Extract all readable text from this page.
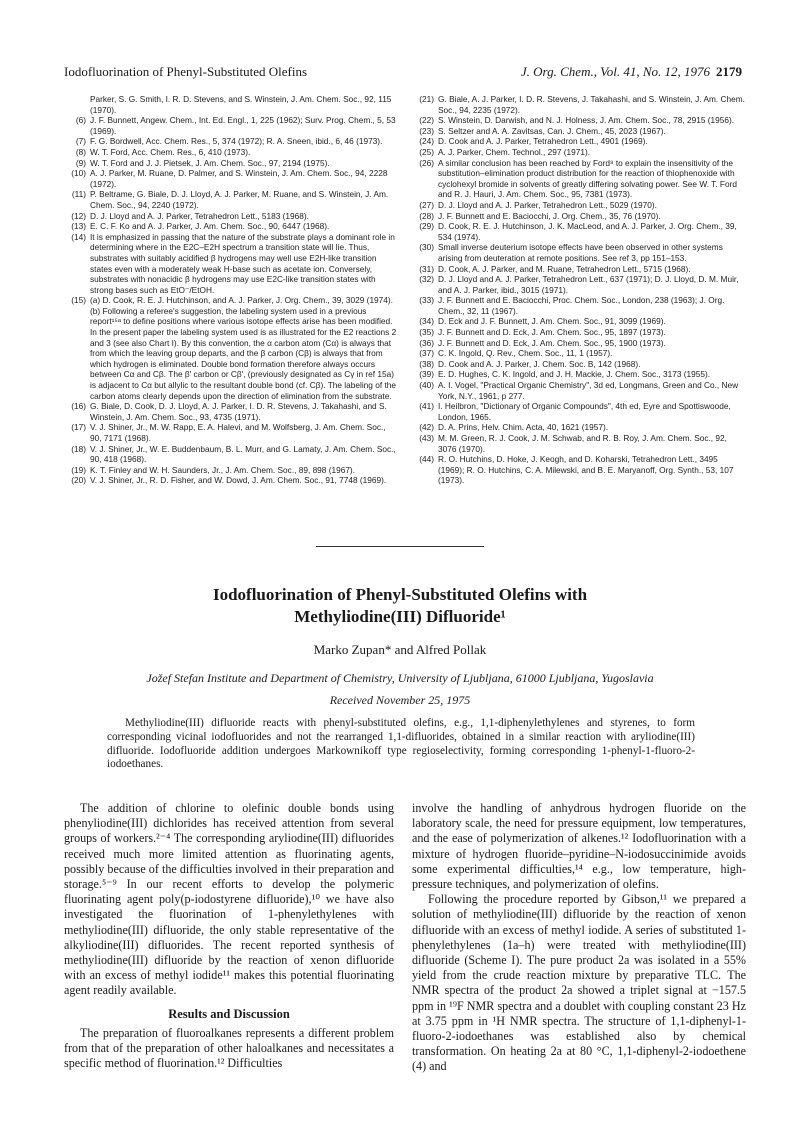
Iodofluorination of Phenyl-Substituted Olefins	J. Org. Chem., Vol. 41, No. 12, 1976 2179
Parker, S. G. Smith, I. R. D. Stevens, and S. Winstein, J. Am. Chem. Soc., 92, 115 (1970).
(6) J. F. Bunnett, Angew. Chem., Int. Ed. Engl., 1, 225 (1962); Surv. Prog. Chem., 5, 53 (1969).
(7) F. G. Bordwell, Acc. Chem. Res., 5, 374 (1972); R. A. Sneen, ibid., 6, 46 (1973).
(8) W. T. Ford, Acc. Chem. Res., 6, 410 (1973).
(9) W. T. Ford and J. J. Pietsek, J. Am. Chem. Soc., 97, 2194 (1975).
(10) A. J. Parker, M. Ruane, D. Palmer, and S. Winstein, J. Am. Chem. Soc., 94, 2228 (1972).
(11) P. Beltrame, G. Biale, D. J. Lloyd, A. J. Parker, M. Ruane, and S. Winstein, J. Am. Chem. Soc., 94, 2240 (1972).
(12) D. J. Lloyd and A. J. Parker, Tetrahedron Lett., 5183 (1968).
(13) E. C. F. Ko and A. J. Parker, J. Am. Chem. Soc., 90, 6447 (1968).
(14) It is emphasized in passing that the nature of the substrate plays a dominant role in determining where in the E2C–E2H spectrum a transition state will lie. Thus, substrates with suitably acidified β hydrogens may well use E2H-like transition states even with a moderately weak H-base such as acetate ion. Conversely, substrates with nonacidic β hydrogens may use E2C-like transition states with strong bases such as EtO⁻/EtOH.
(15) (a) D. Cook, R. E. J. Hutchinson, and A. J. Parker, J. Org. Chem., 39, 3029 (1974). (b) Following a referee's suggestion, the labeling system used in a previous report¹⁵ᵃ to define positions where various isotope effects arise has been modified. In the present paper the labeling system used is as illustrated for the E2 reactions 2 and 3 (see also Chart I). By this convention, the α carbon atom (Cα) is always that from which the leaving group departs, and the β carbon (Cβ) is always that from which hydrogen is eliminated. Double bond formation therefore always occurs between Cα and Cβ. The β′ carbon or Cβ′, (previously designated as Cγ in ref 15a) is adjacent to Cα but allylic to the resultant double bond (cf. Cβ). The labeling of the carbon atoms clearly depends upon the direction of elimination from the substrate.
(16) G. Biale, D. Cook, D. J. Lloyd, A. J. Parker, I. D. R. Stevens, J. Takahashi, and S. Winstein, J. Am. Chem. Soc., 93, 4735 (1971).
(17) V. J. Shiner, Jr., M. W. Rapp, E. A. Halevi, and M. Wolfsberg, J. Am. Chem. Soc., 90, 7171 (1968).
(18) V. J. Shiner, Jr., W. E. Buddenbaum, B. L. Murr, and G. Lamaty, J. Am. Chem. Soc., 90, 418 (1968).
(19) K. T. Finley and W. H. Saunders, Jr., J. Am. Chem. Soc., 89, 898 (1967).
(20) V. J. Shiner, Jr., R. D. Fisher, and W. Dowd, J. Am. Chem. Soc., 91, 7748 (1969).
(21) G. Biale, A. J. Parker, I. D. R. Stevens, J. Takahashi, and S. Winstein, J. Am. Chem. Soc., 94, 2235 (1972).
(22) S. Winstein, D. Darwish, and N. J. Holness, J. Am. Chem. Soc., 78, 2915 (1956).
(23) S. Seltzer and A. A. Zavitsas, Can. J. Chem., 45, 2023 (1967).
(24) D. Cook and A. J. Parker, Tetrahedron Lett., 4901 (1969).
(25) A. J. Parker, Chem. Technol., 297 (1971).
(26) A similar conclusion has been reached by Ford⁸ to explain the insensitivity of the substitution–elimination product distribution for the reaction of thiophenoxide with cyclohexyl bromide in solvents of greatly differing solvating power. See W. T. Ford and R. J. Hauri, J. Am. Chem. Soc., 95, 7381 (1973).
(27) D. J. Lloyd and A. J. Parker, Tetrahedron Lett., 5029 (1970).
(28) J. F. Bunnett and E. Baciocchi, J. Org. Chem., 35, 76 (1970).
(29) D. Cook, R. E. J. Hutchinson, J. K. MacLeod, and A. J. Parker, J. Org. Chem., 39, 534 (1974).
(30) Small inverse deuterium isotope effects have been observed in other systems arising from deuteration at remote positions. See ref 3, pp 151–153.
(31) D. Cook, A. J. Parker, and M. Ruane, Tetrahedron Lett., 5715 (1968).
(32) D. J. Lloyd and A. J. Parker, Tetrahedron Lett., 637 (1971); D. J. Lloyd, D. M. Muir, and A. J. Parker, ibid., 3015 (1971).
(33) J. F. Bunnett and E. Baciocchi, Proc. Chem. Soc., London, 238 (1963); J. Org. Chem., 32, 11 (1967).
(34) D. Eck and J. F. Bunnett, J. Am. Chem. Soc., 91, 3099 (1969).
(35) J. F. Bunnett and D. Eck, J. Am. Chem. Soc., 95, 1897 (1973).
(36) J. F. Bunnett and D. Eck, J. Am. Chem. Soc., 95, 1900 (1973).
(37) C. K. Ingold, Q. Rev., Chem. Soc., 11, 1 (1957).
(38) D. Cook and A. J. Parker, J. Chem. Soc. B, 142 (1968).
(39) E. D. Hughes, C. K. Ingold, and J. H. Mackie, J. Chem. Soc., 3173 (1955).
(40) A. I. Vogel, "Practical Organic Chemistry", 3d ed, Longmans, Green and Co., New York, N.Y., 1961, p 277.
(41) I. Heilbron, "Dictionary of Organic Compounds", 4th ed, Eyre and Spottiswoode, London, 1965.
(42) D. A. Prins, Helv. Chim. Acta, 40, 1621 (1957).
(43) M. M. Green, R. J. Cook, J. M. Schwab, and R. B. Roy, J. Am. Chem. Soc., 92, 3076 (1970).
(44) R. O. Hutchins, D. Hoke, J. Keogh, and D. Koharski, Tetrahedron Lett., 3495 (1969); R. O. Hutchins, C. A. Milewski, and B. E. Maryanoff, Org. Synth., 53, 107 (1973).
Iodofluorination of Phenyl-Substituted Olefins with
Methyliodine(III) Difluoride¹
Marko Zupan* and Alfred Pollak
Jožef Stefan Institute and Department of Chemistry, University of Ljubljana, 61000 Ljubljana, Yugoslavia
Received November 25, 1975
Methyliodine(III) difluoride reacts with phenyl-substituted olefins, e.g., 1,1-diphenylethylenes and styrenes, to form corresponding vicinal iodofluorides and not the rearranged 1,1-difluorides, obtained in a similar reaction with aryliodine(III) difluoride. Iodofluoride addition undergoes Markownikoff type regioselectivity, forming corresponding 1-phenyl-1-fluoro-2-iodoethanes.

The addition of chlorine to olefinic double bonds using phenyliodine(III) dichlorides has received attention from several groups of workers.²⁻⁴ The corresponding aryliodine(III) difluorides received much more limited attention as fluorinating agents, possibly because of the difficulties involved in their preparation and storage.⁵⁻⁹ In our recent efforts to develop the polymeric fluorinating agent poly(p-iodostyrene difluoride),¹⁰ we have also investigated the fluorination of 1-phenylethylenes with methyliodine(III) difluoride, the only stable representative of the alkyliodine(III) difluorides. The recent reported synthesis of methyliodine(III) difluoride by the reaction of xenon difluoride with an excess of methyl iodide¹¹ makes this potential fluorinating agent readily available.

Results and Discussion

The preparation of fluoroalkanes represents a different problem from that of the preparation of other haloalkanes and necessitates a specific method of fluorination.¹² Difficulties

involve the handling of anhydrous hydrogen fluoride on the laboratory scale, the need for pressure equipment, low temperatures, and the ease of polymerization of alkenes.¹² Iodofluorination with a mixture of hydrogen fluoride–pyridine–N-iodosuccinimide avoids some experimental difficulties,¹⁴ e.g., low temperature, high-pressure techniques, and polymerization of olefins.

Following the procedure reported by Gibson,¹¹ we prepared a solution of methyliodine(III) difluoride by the reaction of xenon difluoride with an excess of methyl iodide. A series of substituted 1-phenylethylenes (1a–h) were treated with methyliodine(III) difluoride (Scheme I). The pure product 2a was isolated in a 55% yield from the crude reaction mixture by preparative TLC. The NMR spectra of the product 2a showed a triplet signal at −157.5 ppm in ¹⁹F NMR spectra and a doublet with coupling constant 23 Hz at 3.75 ppm in ¹H NMR spectra. The structure of 1,1-diphenyl-1-fluoro-2-iodoethanes was established also by chemical transformation. On heating 2a at 80 °C, 1,1-diphenyl-2-iodoethene (4) and
